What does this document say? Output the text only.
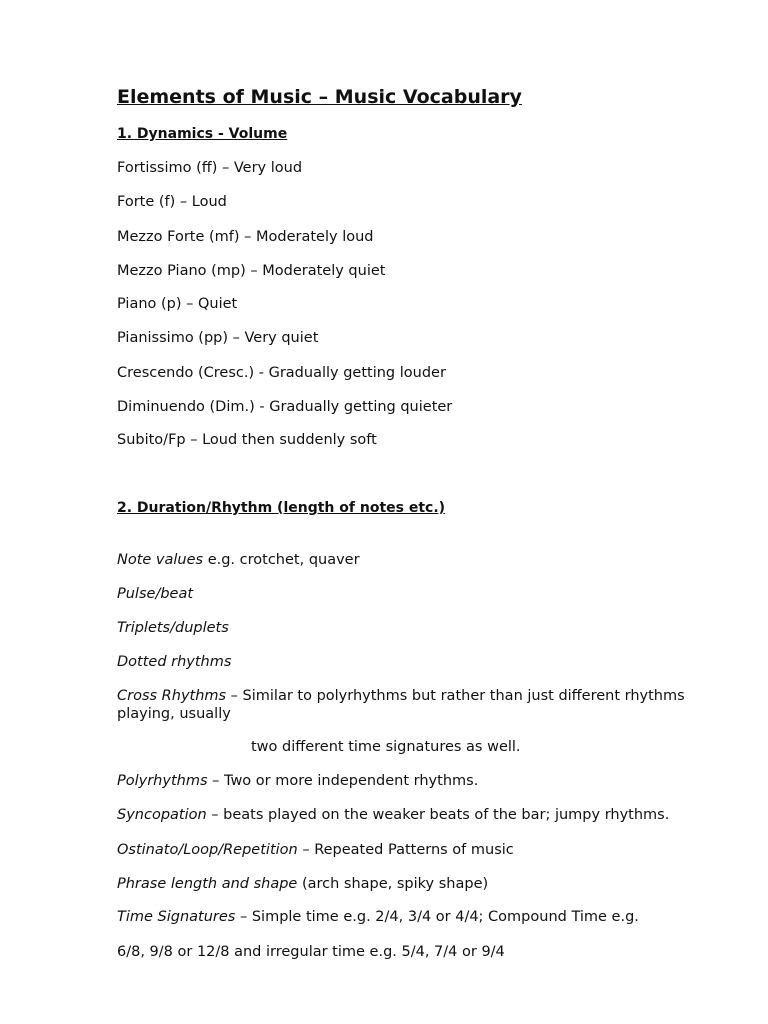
Elements of Music – Music Vocabulary
1. Dynamics - Volume
Fortissimo (ff) – Very loud
Forte (f) – Loud
Mezzo Forte (mf) – Moderately loud
Mezzo Piano (mp) – Moderately quiet
Piano (p) – Quiet
Pianissimo (pp) – Very quiet
Crescendo (Cresc.) - Gradually getting louder
Diminuendo (Dim.) - Gradually getting quieter
Subito/Fp – Loud then suddenly soft
2. Duration/Rhythm (length of notes etc.)
Note values e.g. crotchet, quaver
Pulse/beat
Triplets/duplets
Dotted rhythms
Cross Rhythms – Similar to polyrhythms but rather than just different rhythms
playing, usually
two different time signatures as well.
Polyrhythms – Two or more independent rhythms.
Syncopation – beats played on the weaker beats of the bar; jumpy rhythms.
Ostinato/Loop/Repetition – Repeated Patterns of music
Phrase length and shape (arch shape, spiky shape)
Time Signatures – Simple time e.g. 2/4, 3/4 or 4/4; Compound Time e.g.
6/8, 9/8 or 12/8 and irregular time e.g. 5/4, 7/4 or 9/4
